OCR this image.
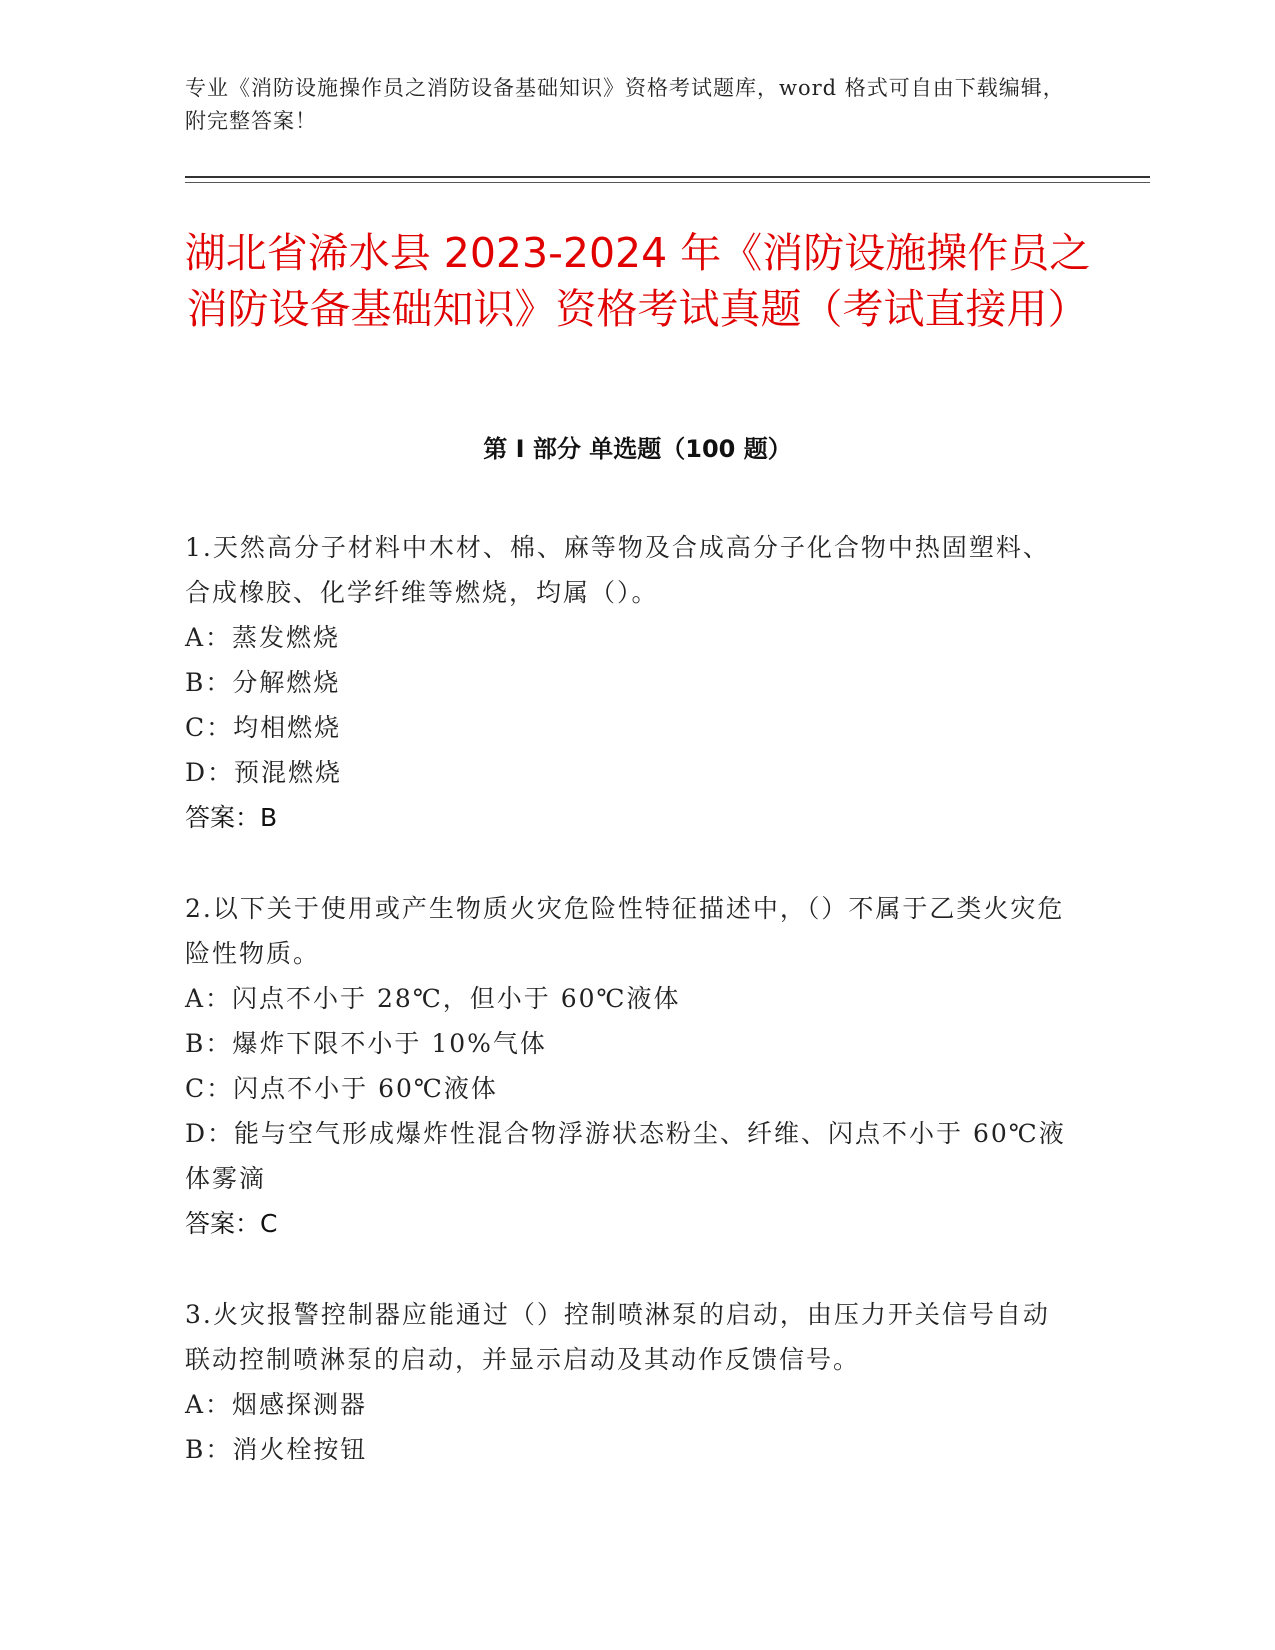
专业《消防设施操作员之消防设备基础知识》资格考试题库，word 格式可自由下载编辑，附完整答案！
湖北省浠水县 2023-2024 年《消防设施操作员之消防设备基础知识》资格考试真题（考试直接用）
第 I 部分 单选题（100 题）
1.天然高分子材料中木材、棉、麻等物及合成高分子化合物中热固塑料、合成橡胶、化学纤维等燃烧，均属（）。
A：蒸发燃烧
B：分解燃烧
C：均相燃烧
D：预混燃烧
答案：B
2.以下关于使用或产生物质火灾危险性特征描述中，（）不属于乙类火灾危险性物质。
A：闪点不小于 28℃，但小于 60℃液体
B：爆炸下限不小于 10%气体
C：闪点不小于 60℃液体
D：能与空气形成爆炸性混合物浮游状态粉尘、纤维、闪点不小于 60℃液体雾滴
答案：C
3.火灾报警控制器应能通过（）控制喷淋泵的启动，由压力开关信号自动联动控制喷淋泵的启动，并显示启动及其动作反馈信号。
A：烟感探测器
B：消火栓按钮
